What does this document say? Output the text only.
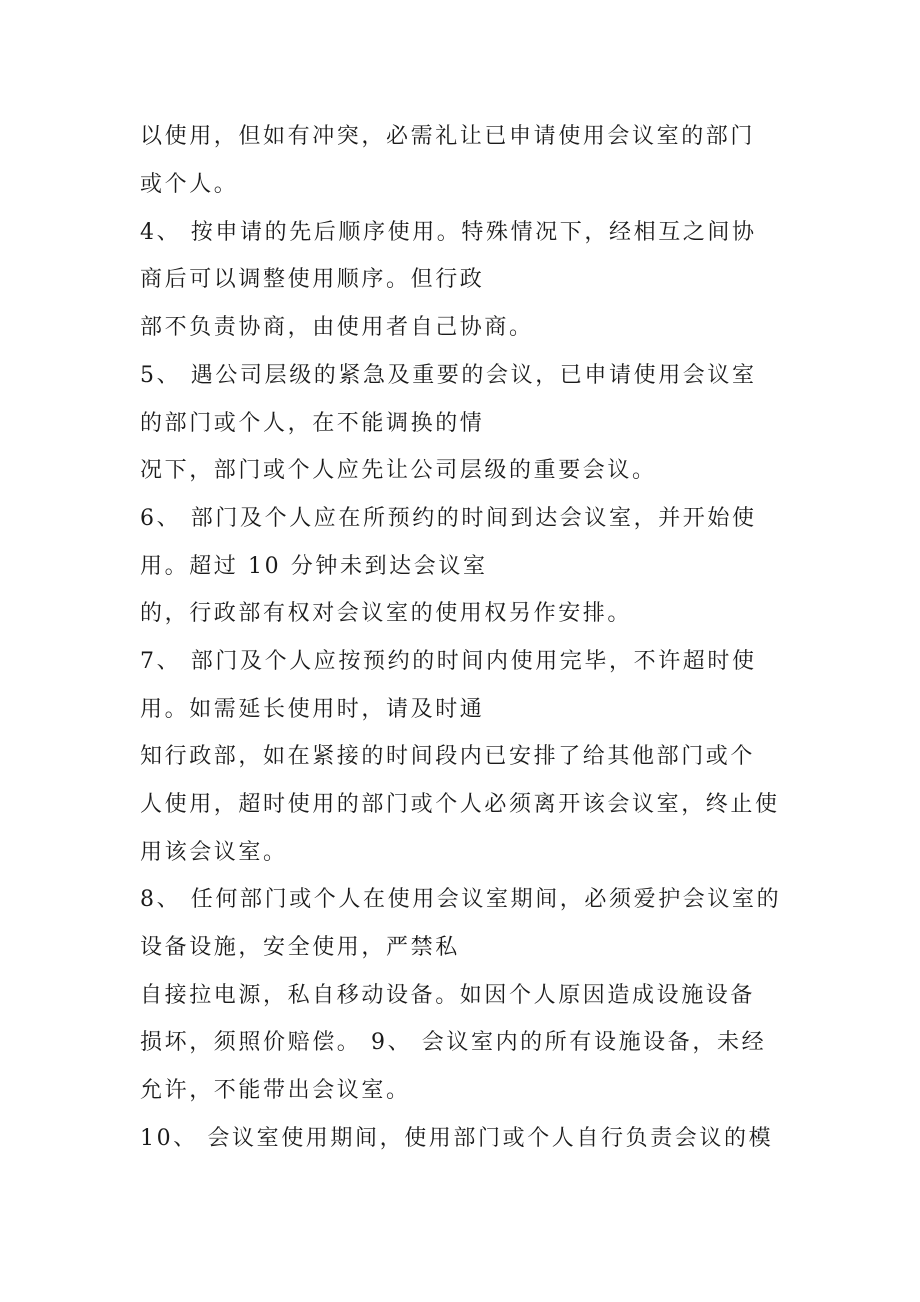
以使用，但如有冲突，必需礼让已申请使用会议室的部门
或个人。
4、 按申请的先后顺序使用。特殊情况下，经相互之间协
商后可以调整使用顺序。但行政
部不负责协商，由使用者自己协商。
5、 遇公司层级的紧急及重要的会议，已申请使用会议室
的部门或个人，在不能调换的情
况下，部门或个人应先让公司层级的重要会议。
6、 部门及个人应在所预约的时间到达会议室，并开始使
用。超过 10 分钟未到达会议室
的，行政部有权对会议室的使用权另作安排。
7、 部门及个人应按预约的时间内使用完毕，不许超时使
用。如需延长使用时，请及时通
知行政部，如在紧接的时间段内已安排了给其他部门或个
人使用，超时使用的部门或个人必须离开该会议室，终止使
用该会议室。
8、 任何部门或个人在使用会议室期间，必须爱护会议室的
设备设施，安全使用，严禁私
自接拉电源，私自移动设备。如因个人原因造成设施设备
损坏，须照价赔偿。 9、 会议室内的所有设施设备，未经
允许，不能带出会议室。
10、 会议室使用期间，使用部门或个人自行负责会议的模
